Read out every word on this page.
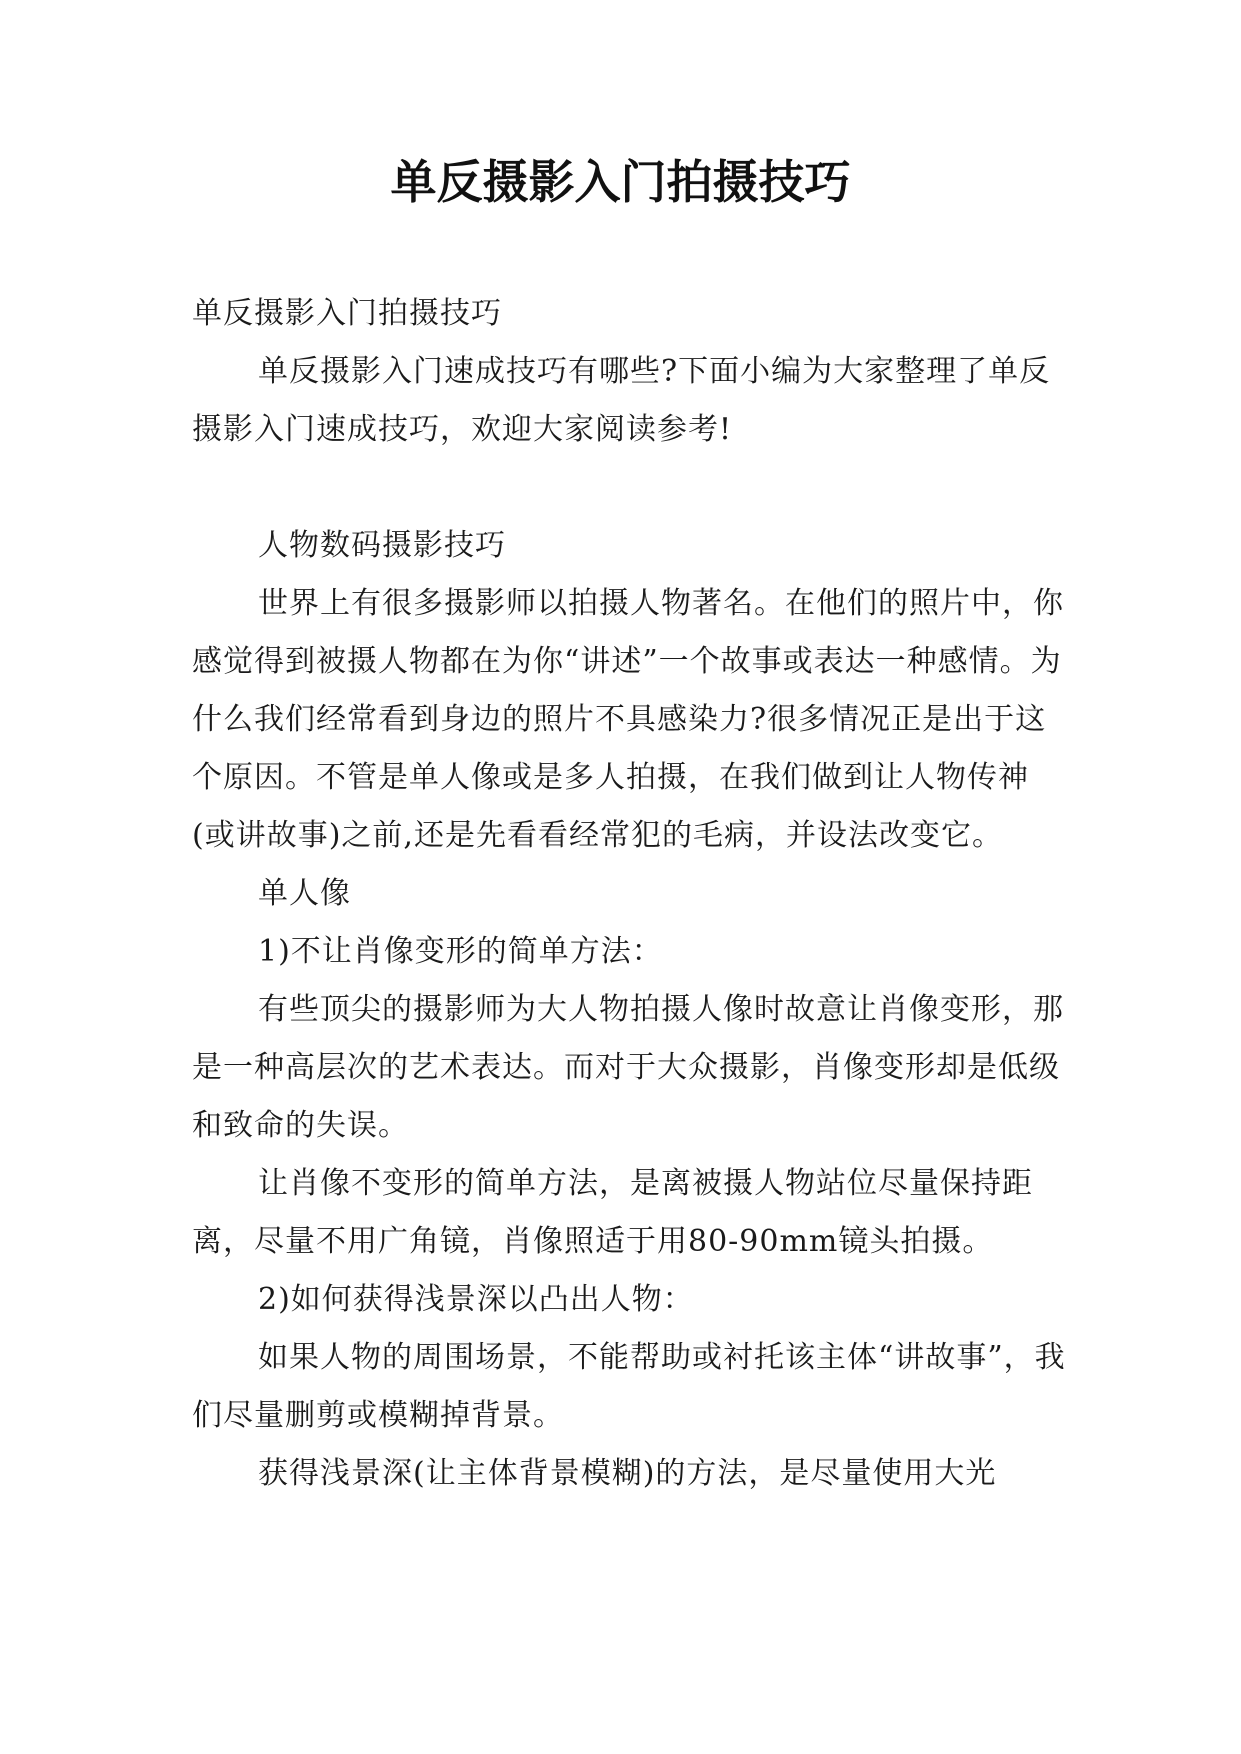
单反摄影入门拍摄技巧

单反摄影入门拍摄技巧

单反摄影入门速成技巧有哪些?下面小编为大家整理了单反摄影入门速成技巧，欢迎大家阅读参考!

人物数码摄影技巧

世界上有很多摄影师以拍摄人物著名。在他们的照片中，你感觉得到被摄人物都在为你“讲述”一个故事或表达一种感情。为什么我们经常看到身边的照片不具感染力?很多情况正是出于这个原因。不管是单人像或是多人拍摄，在我们做到让人物传神(或讲故事)之前,还是先看看经常犯的毛病，并设法改变它。

单人像

1)不让肖像变形的简单方法：

有些顶尖的摄影师为大人物拍摄人像时故意让肖像变形，那是一种高层次的艺术表达。而对于大众摄影，肖像变形却是低级和致命的失误。

让肖像不变形的简单方法，是离被摄人物站位尽量保持距离，尽量不用广角镜，肖像照适于用80-90mm镜头拍摄。

2)如何获得浅景深以凸出人物：

如果人物的周围场景，不能帮助或衬托该主体“讲故事”，我们尽量删剪或模糊掉背景。

获得浅景深(让主体背景模糊)的方法，是尽量使用大光
